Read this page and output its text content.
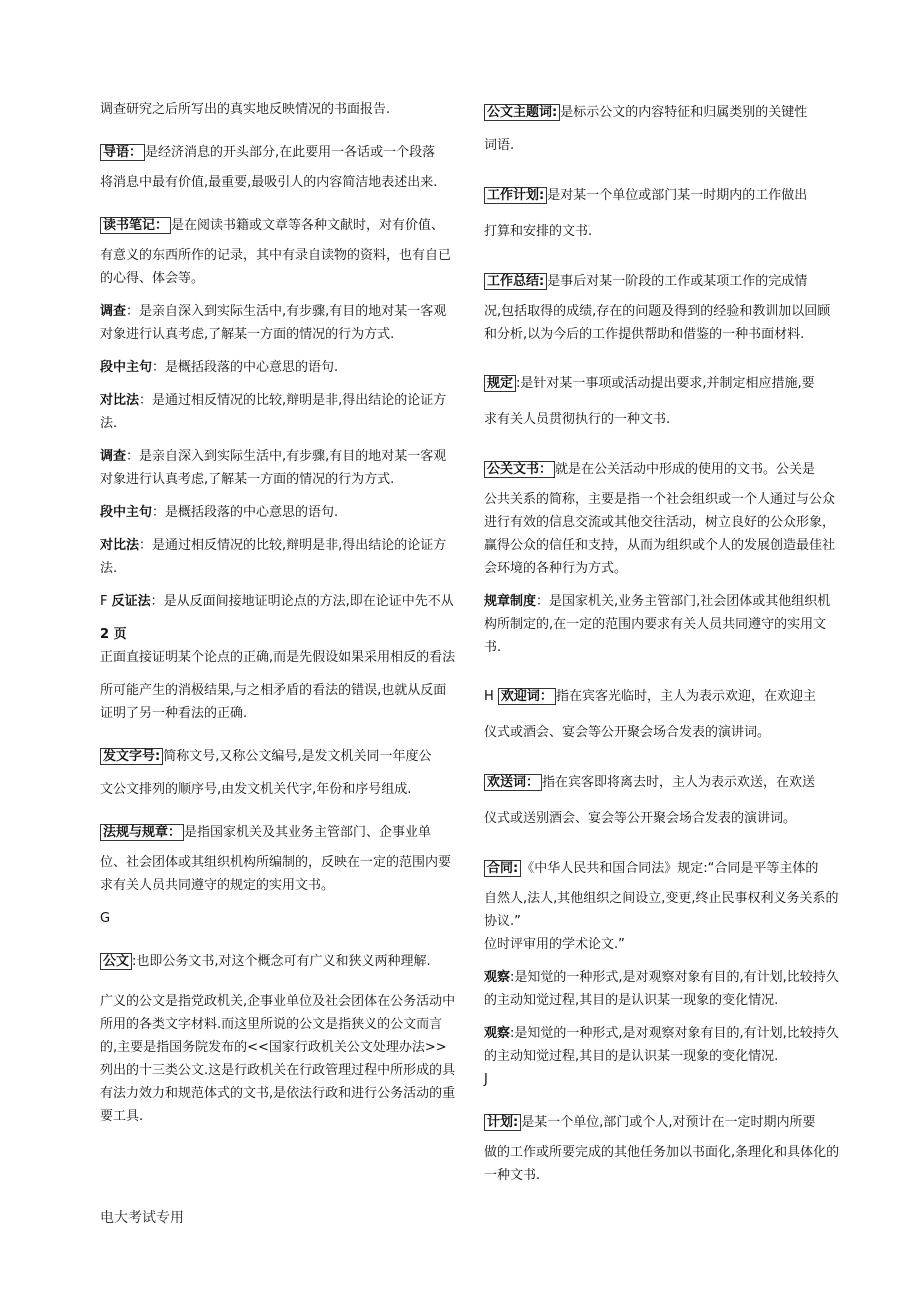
调查研究之后所写出的真实地反映情况的书面报告.

导语： 是经济消息的开头部分,在此要用一各话或一个段落

将消息中最有价值,最重要,最吸引人的内容简洁地表述出来.

读书笔记： 是在阅读书籍或文章等各种文献时，对有价值、

有意义的东西所作的记录，其中有录自读物的资料，也有自已的心得、体会等。

调查：是亲自深入到实际生活中,有步骤,有目的地对某一客观对象进行认真考虑,了解某一方面的情况的行为方式.

段中主句：是概括段落的中心意思的语句.

对比法：是通过相反情况的比较,辩明是非,得出结论的论证方法.

调查：是亲自深入到实际生活中,有步骤,有目的地对某一客观对象进行认真考虑,了解某一方面的情况的行为方式.

段中主句：是概括段落的中心意思的语句.

对比法：是通过相反情况的比较,辩明是非,得出结论的论证方法.

F 反证法：是从反面间接地证明论点的方法,即在论证中先不从

2 页

正面直接证明某个论点的正确,而是先假设如果采用相反的看法

所可能产生的消极结果,与之相矛盾的看法的错误,也就从反面证明了另一种看法的正确.

发文字号: 简称文号,又称公文编号,是发文机关同一年度公

文公文排列的顺序号,由发文机关代字,年份和序号组成.

法规与规章： 是指国家机关及其业务主管部门、企事业单

位、社会团体或其组织机构所编制的，反映在一定的范围内要求有关人员共同遵守的规定的实用文书。

G

公文 :也即公务文书,对这个概念可有广义和狭义两种理解.

广义的公文是指党政机关,企事业单位及社会团体在公务活动中所用的各类文字材料.而这里所说的公文是指狭义的公文而言的,主要是指国务院发布的<<国家行政机关公文处理办法>>列出的十三类公文.这是行政机关在行政管理过程中所形成的具有法力效力和规范体式的文书,是依法行政和进行公务活动的重要工具.

公文主题词: 是标示公文的内容特征和归属类别的关键性

词语.

工作计划: 是对某一个单位或部门某一时期内的工作做出

打算和安排的文书.

工作总结: 是事后对某一阶段的工作或某项工作的完成情

况,包括取得的成绩,存在的问题及得到的经验和教训加以回顾和分析,以为今后的工作提供帮助和借鉴的一种书面材料.

规定 :是针对某一事项或活动提出要求,并制定相应措施,要

求有关人员贯彻执行的一种文书.

公关文书： 就是在公关活动中形成的使用的文书。公关是

公共关系的简称，主要是指一个社会组织或一个人通过与公众进行有效的信息交流或其他交往活动，树立良好的公众形象，赢得公众的信任和支持，从而为组织或个人的发展创造最佳社会环境的各种行为方式。

规章制度：是国家机关,业务主管部门,社会团体或其他组织机构所制定的,在一定的范围内要求有关人员共同遵守的实用文书.

H 欢迎词： 指在宾客光临时，主人为表示欢迎，在欢迎主

仪式或酒会、宴会等公开聚会场合发表的演讲词。

欢送词： 指在宾客即将离去时，主人为表示欢送，在欢送

仪式或送别酒会、宴会等公开聚会场合发表的演讲词。

合同: 《中华人民共和国合同法》规定:“合同是平等主体的

自然人,法人,其他组织之间设立,变更,终止民事权利义务关系的协议.”

位时评审用的学术论文.”

观察:是知觉的一种形式,是对观察对象有目的,有计划,比较持久的主动知觉过程,其目的是认识某一现象的变化情况.

观察:是知觉的一种形式,是对观察对象有目的,有计划,比较持久的主动知觉过程,其目的是认识某一现象的变化情况.

J

计划: 是某一个单位,部门或个人,对预计在一定时期内所要

做的工作或所要完成的其他任务加以书面化,条理化和具体化的一种文书.

电大考试专用
